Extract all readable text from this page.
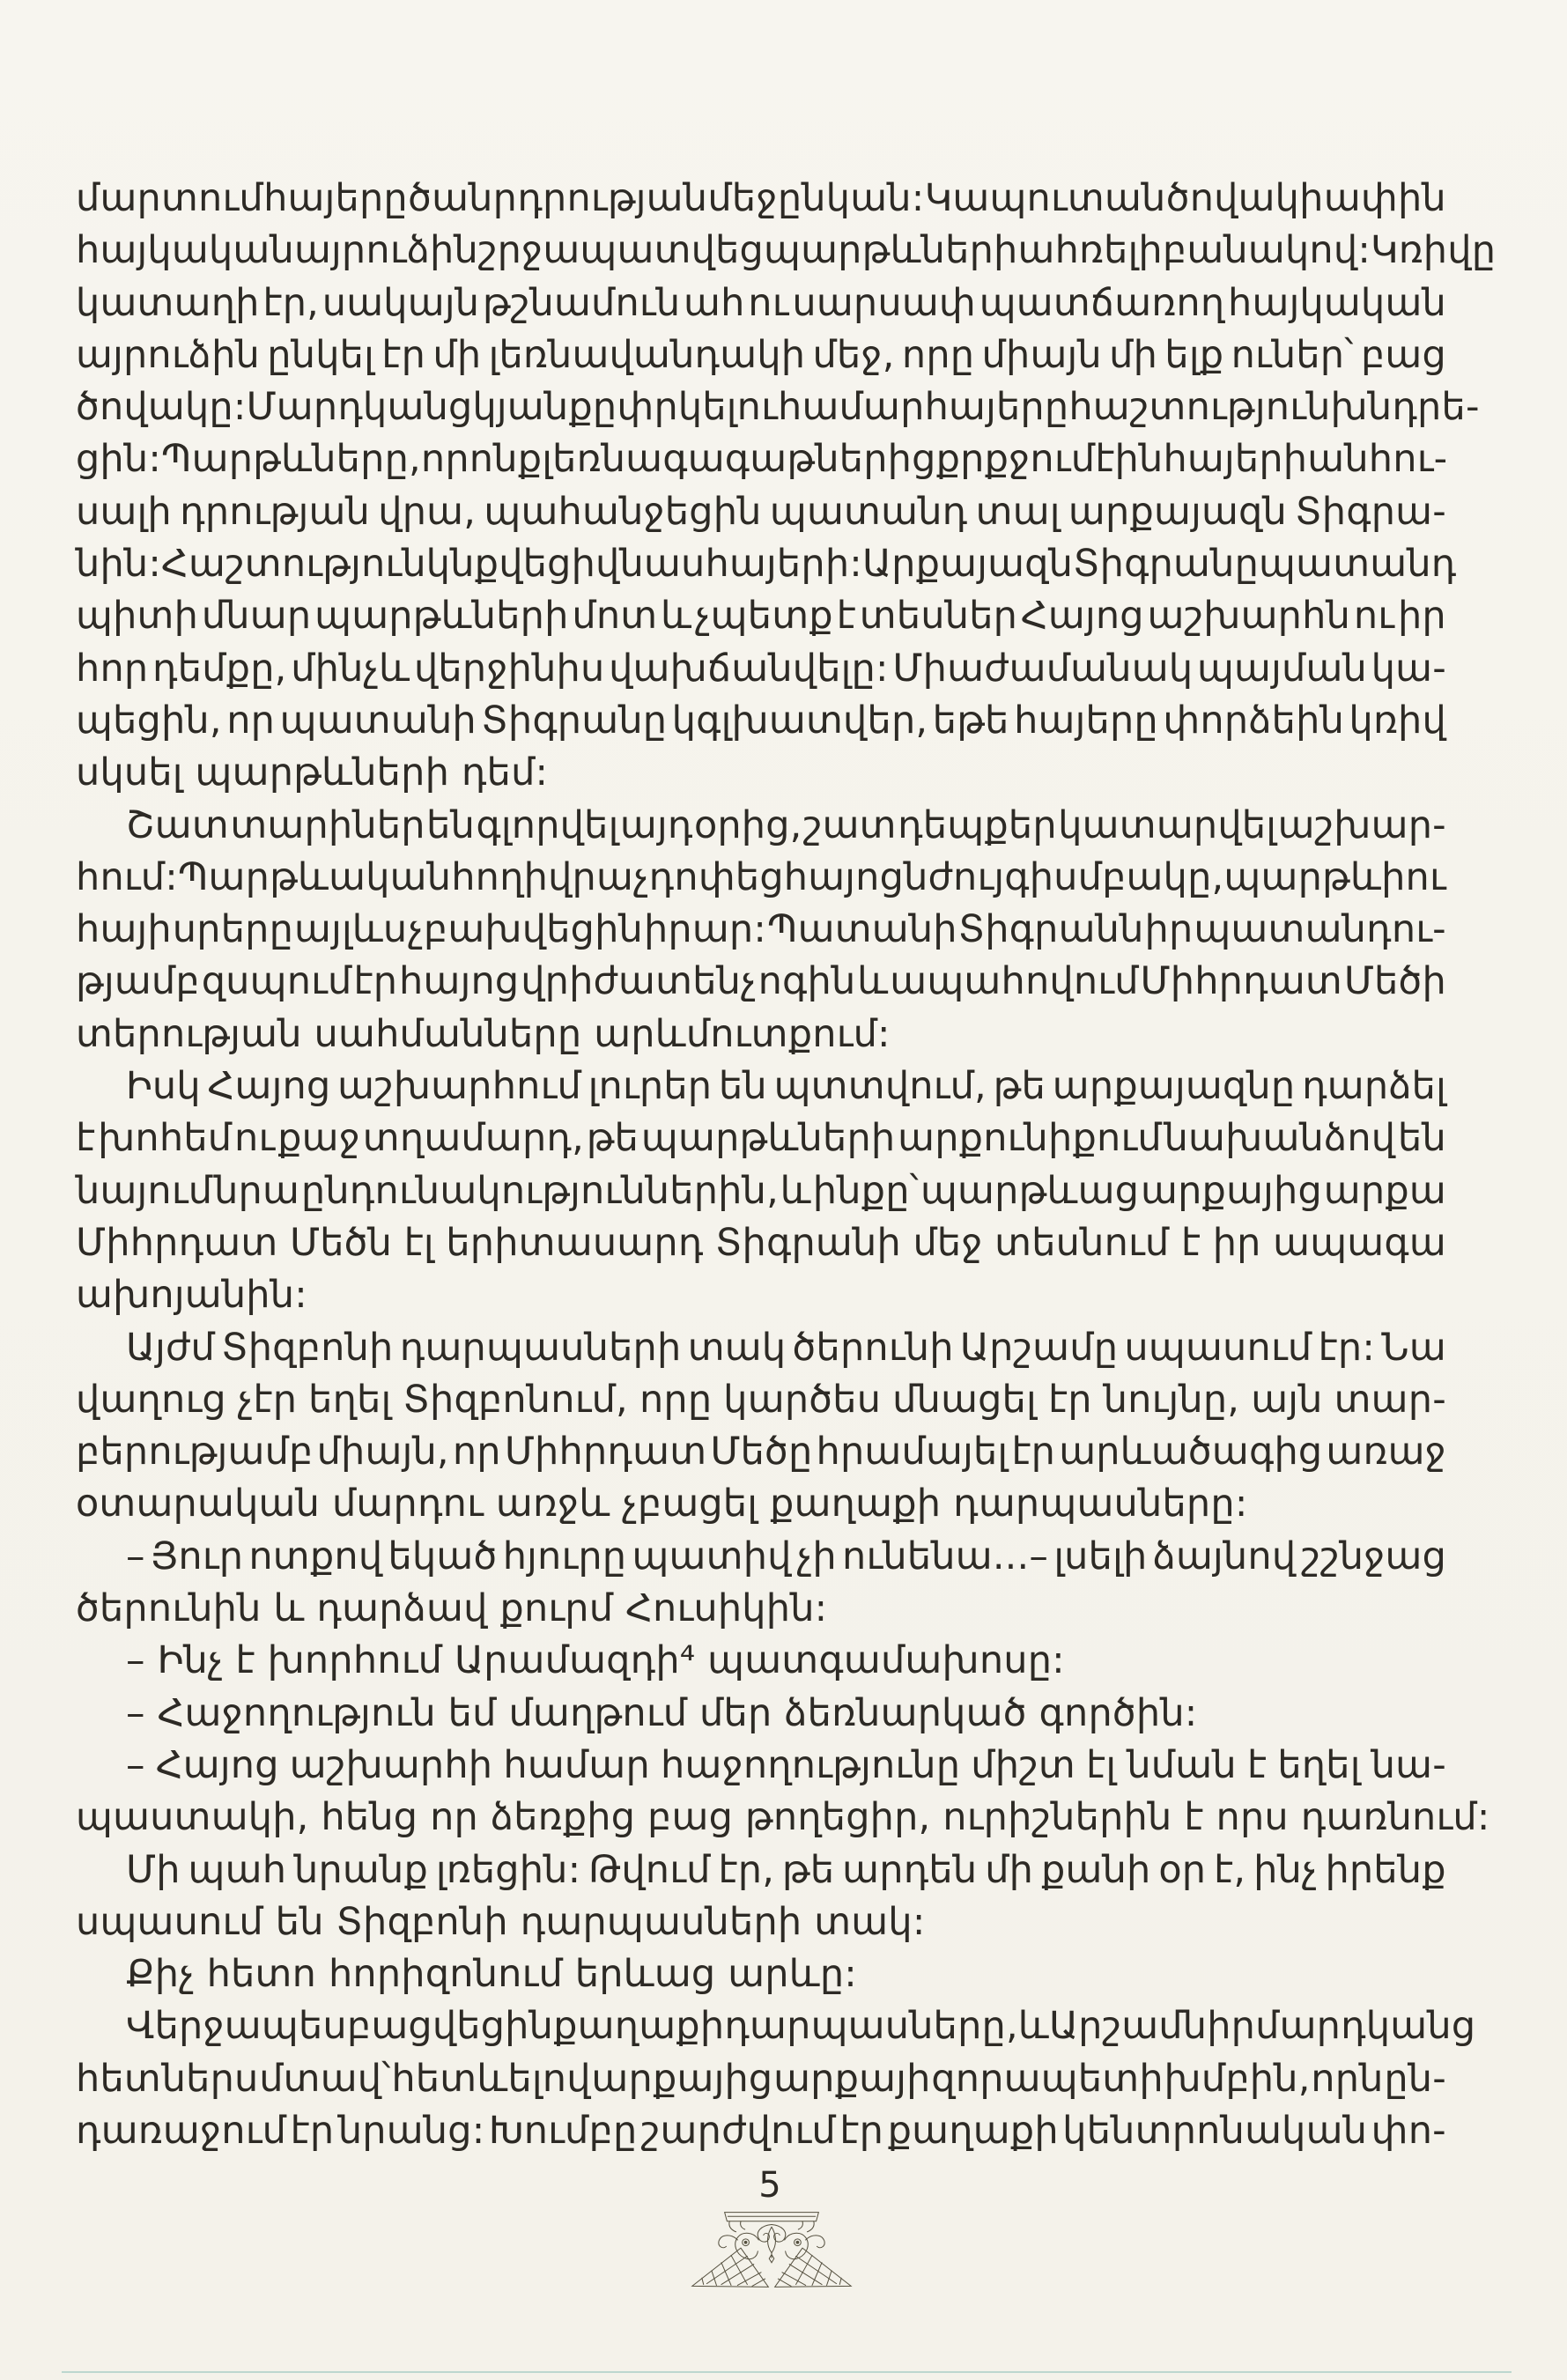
մարտում հայերը ծանր դրության մեջ ընկան: Կապուտան ծովակի ափին
հայկական այրուձին շրջապատվեց պարթևների ահռելի բանակով: Կռիվը
կատաղի էր, սակայն թշնամուն ահ ու սարսափ պատճառող հայկական
այրուձին ընկել էր մի լեռնավանդակի մեջ, որը միայն մի ելք ուներ՝ բաց
ծովակը: Մարդկանց կյանքը փրկելու համար հայերը հաշտություն խնդրե-
ցին: Պարթևները, որոնք լեռնագագաթներից քրքջում էին հայերի անհու-
սալի դրության վրա, պահանջեցին պատանդ տալ արքայազն Տիգրա-
նին: Հաշտություն կնքվեց ի վնաս հայերի: Արքայազն Տիգրանը պատանդ
պիտի մնար պարթևների մոտ և չպետք է տեսներ Հայոց աշխարհն ու իր
հոր դեմքը, մինչև վերջինիս վախճանվելը: Միաժամանակ պայման կա-
պեցին, որ պատանի Տիգրանը կգլխատվեր, եթե հայերը փորձեին կռիվ
սկսել պարթևների դեմ:
Շատ տարիներ են գլորվել այդ օրից, շատ դեպքեր կատարվել աշխար-
հում: Պարթևական հողի վրա չդոփեց հայոց նժույգի սմբակը, պարթևի ու
հայի սրերը այլևս չբախվեցին իրար: Պատանի Տիգրանն իր պատանդու-
թյամբ զսպում էր հայոց վրիժատենչ ոգին և ապահովում Միհրդատ Մեծի
տերության սահմանները արևմուտքում:
Իսկ Հայոց աշխարհում լուրեր են պտտվում, թե արքայազնը դարձել
է խոհեմ ու քաջ տղամարդ, թե պարթևների արքունիքում նախանձով են
նայում նրա ընդունակություններին, և ինքը՝ պարթևաց արքայից արքա
Միհրդատ Մեծն էլ երիտասարդ Տիգրանի մեջ տեսնում է իր ապագա
ախոյանին:
Այժմ Տիզբոնի դարպասների տակ ծերունի Արշամը սպասում էր: Նա
վաղուց չէր եղել Տիզբոնում, որը կարծես մնացել էր նույնը, այն տար-
բերությամբ միայն, որ Միհրդատ Մեծը հրամայել էր արևածագից առաջ
օտարական մարդու առջև չբացել քաղաքի դարպասները:
– Յուր ոտքով եկած հյուրը պատիվ չի ունենա...– լսելի ձայնով շշնջաց
ծերունին և դարձավ քուրմ Հուսիկին:
– Ինչ է խորհում Արամազդի⁴ պատգամախոսը:
– Հաջողություն եմ մաղթում մեր ձեռնարկած գործին:
– Հայոց աշխարհի համար հաջողությունը միշտ էլ նման է եղել նա-
պաստակի, հենց որ ձեռքից բաց թողեցիր, ուրիշներին է որս դառնում:
Մի պահ նրանք լռեցին: Թվում էր, թե արդեն մի քանի օր է, ինչ իրենք
սպասում են Տիզբոնի դարպասների տակ:
Քիչ հետո հորիզոնում երևաց արևը:
Վերջապես բացվեցին քաղաքի դարպասները, և Արշամն իր մարդկանց
հետ ներս մտավ՝ հետևելով արքայից արքայի զորապետի խմբին, որն ըն-
դառաջում էր նրանց: Խումբը շարժվում էր քաղաքի կենտրոնական փո-
5
